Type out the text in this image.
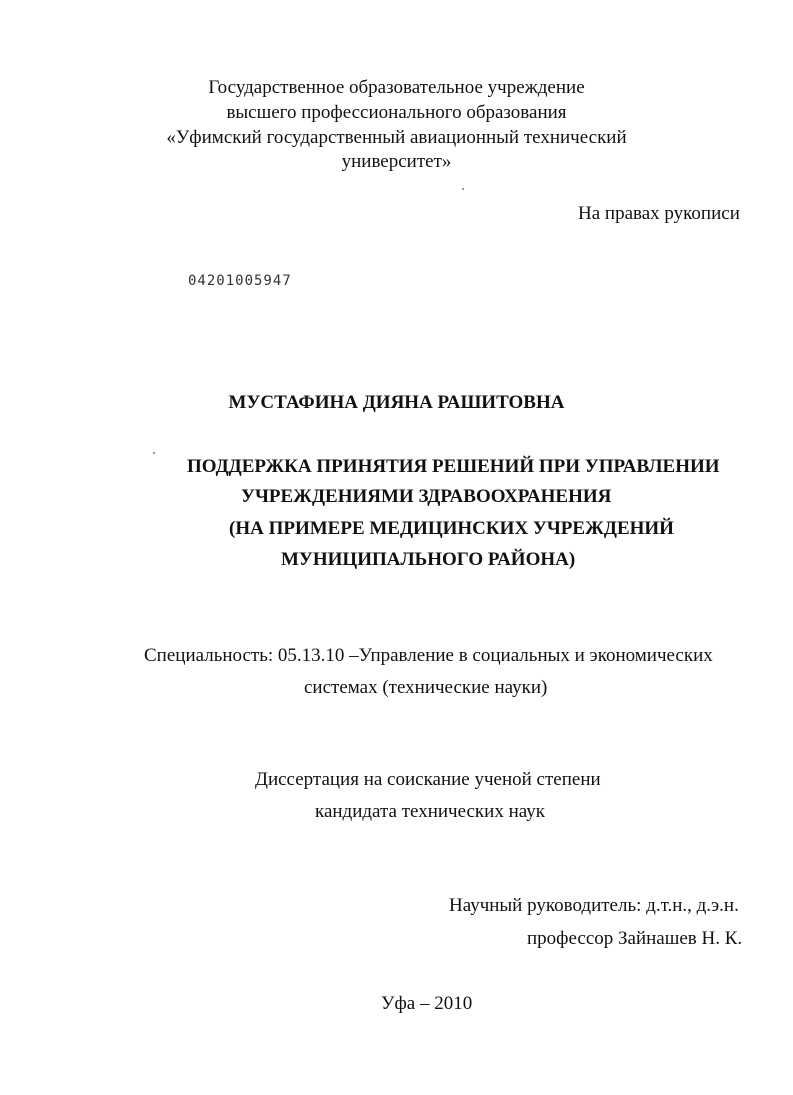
Государственное образовательное учреждение
высшего профессионального образования
«Уфимский государственный авиационный технический
университет»
На правах рукописи
04201005947
МУСТАФИНА ДИЯНА РАШИТОВНА
ПОДДЕРЖКА ПРИНЯТИЯ РЕШЕНИЙ ПРИ УПРАВЛЕНИИ
УЧРЕЖДЕНИЯМИ ЗДРАВООХРАНЕНИЯ
(НА ПРИМЕРЕ МЕДИЦИНСКИХ УЧРЕЖДЕНИЙ
МУНИЦИПАЛЬНОГО РАЙОНА)
Специальность: 05.13.10 –Управление в социальных и экономических
системах (технические науки)
Диссертация на соискание ученой степени
кандидата технических наук
Научный руководитель: д.т.н., д.э.н.
профессор Зайнашев Н. К.
Уфа – 2010
